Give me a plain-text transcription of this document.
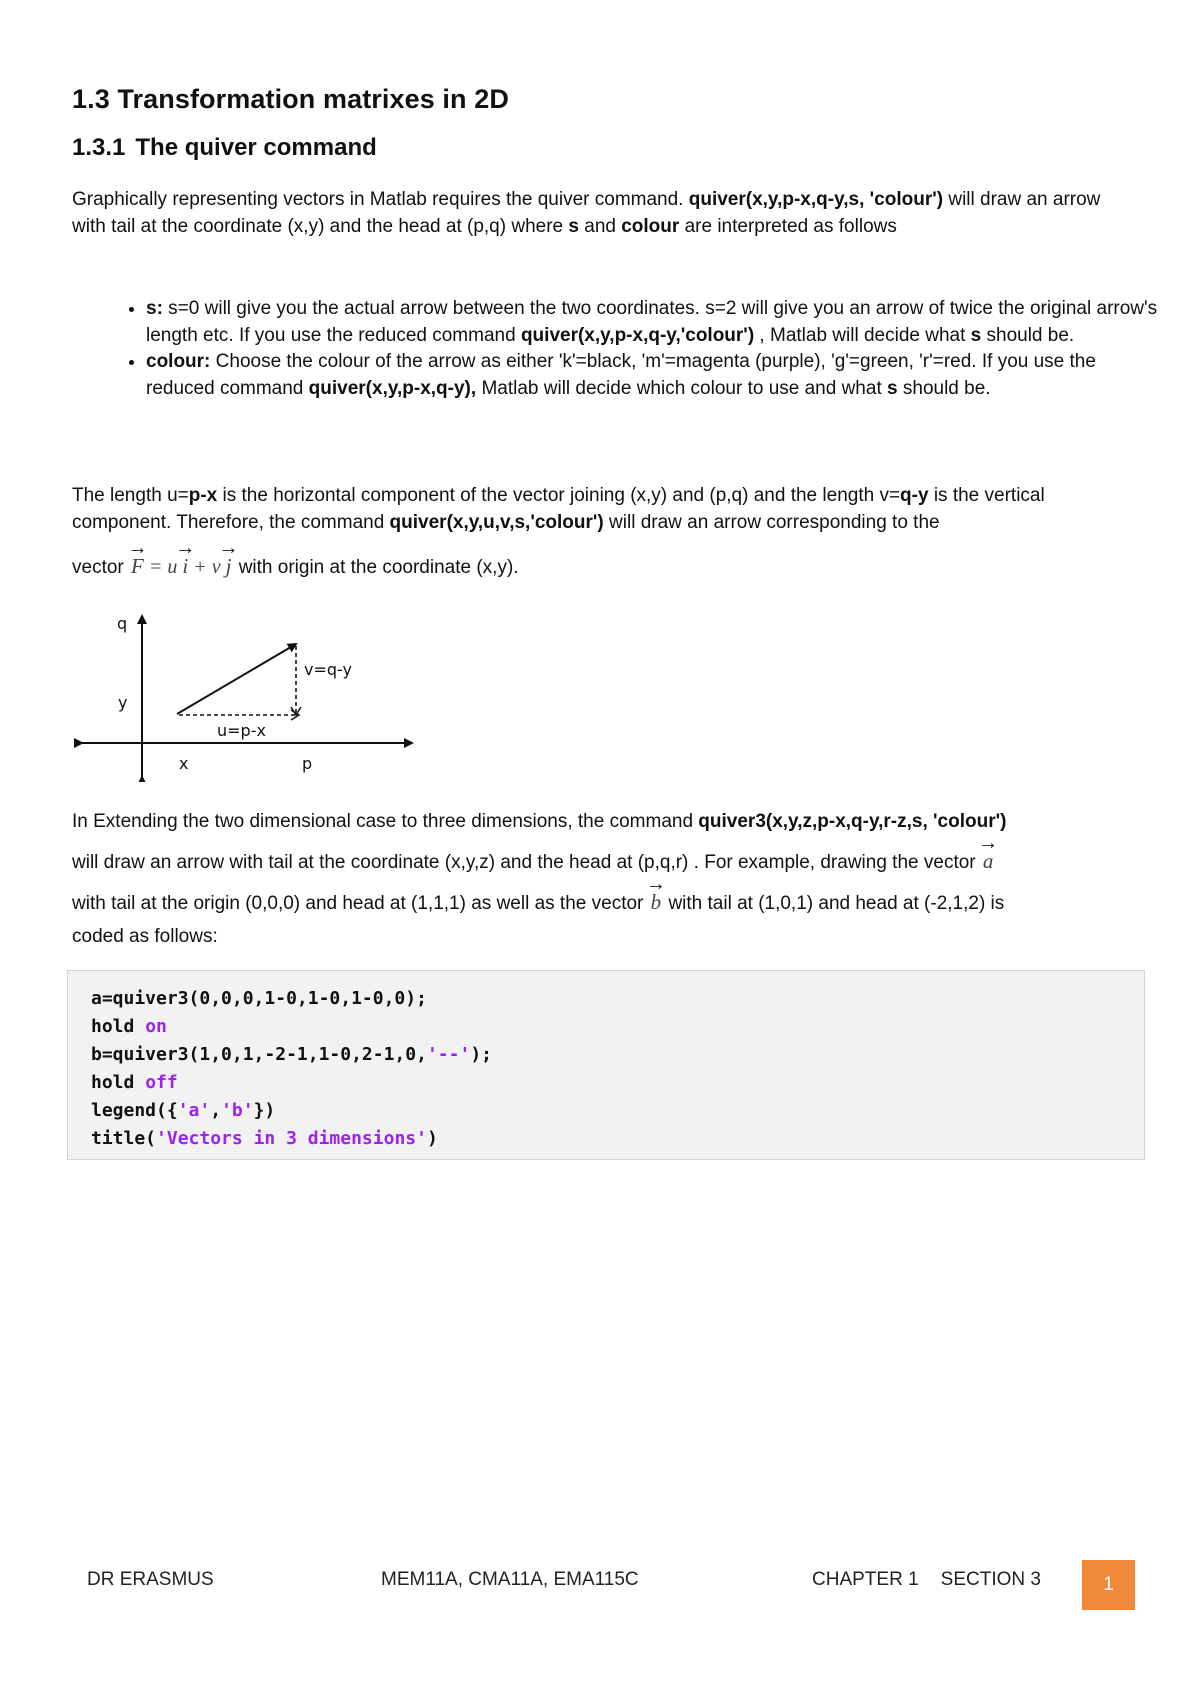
1.3 Transformation matrixes in 2D
1.3.1 The quiver command

Graphically representing vectors in Matlab requires the quiver command. quiver(x,y,p-x,q-y,s, 'colour') will draw an arrow with tail at the coordinate (x,y) and the head at (p,q) where s and colour are interpreted as follows

• s: s=0 will give you the actual arrow between the two coordinates. s=2 will give you an arrow of twice the original arrow's length etc. If you use the reduced command quiver(x,y,p-x,q-y,'colour') , Matlab will decide what s should be.
• colour: Choose the colour of the arrow as either 'k'=black, 'm'=magenta (purple), 'g'=green, 'r'=red. If you use the reduced command quiver(x,y,p-x,q-y), Matlab will decide which colour to use and what s should be.

The length u=p-x is the horizontal component of the vector joining (x,y) and (p,q) and the length v=q-y is the vertical component. Therefore, the command quiver(x,y,u,v,s,'colour') will draw an arrow corresponding to the
vector → F = u → i + v → j with origin at the coordinate (x,y).

q
y
x	p
v=q-y
u=p-x

In Extending the two dimensional case to three dimensions, the command quiver3(x,y,z,p-x,q-y,r-z,s, 'colour')
will draw an arrow with tail at the coordinate (x,y,z) and the head at (p,q,r) . For example, drawing the vector → a
with tail at the origin (0,0,0) and head at (1,1,1) as well as the vector → b with tail at (1,0,1) and head at (-2,1,2) is
coded as follows:

a=quiver3(0,0,0,1-0,1-0,1-0,0);
hold on
b=quiver3(1,0,1,-2-1,1-0,2-1,0,'--');
hold off
legend({'a','b'})
title('Vectors in 3 dimensions')
DR ERASMUS	MEM11A, CMA11A, EMA115C	CHAPTER 1 SECTION 3	1
